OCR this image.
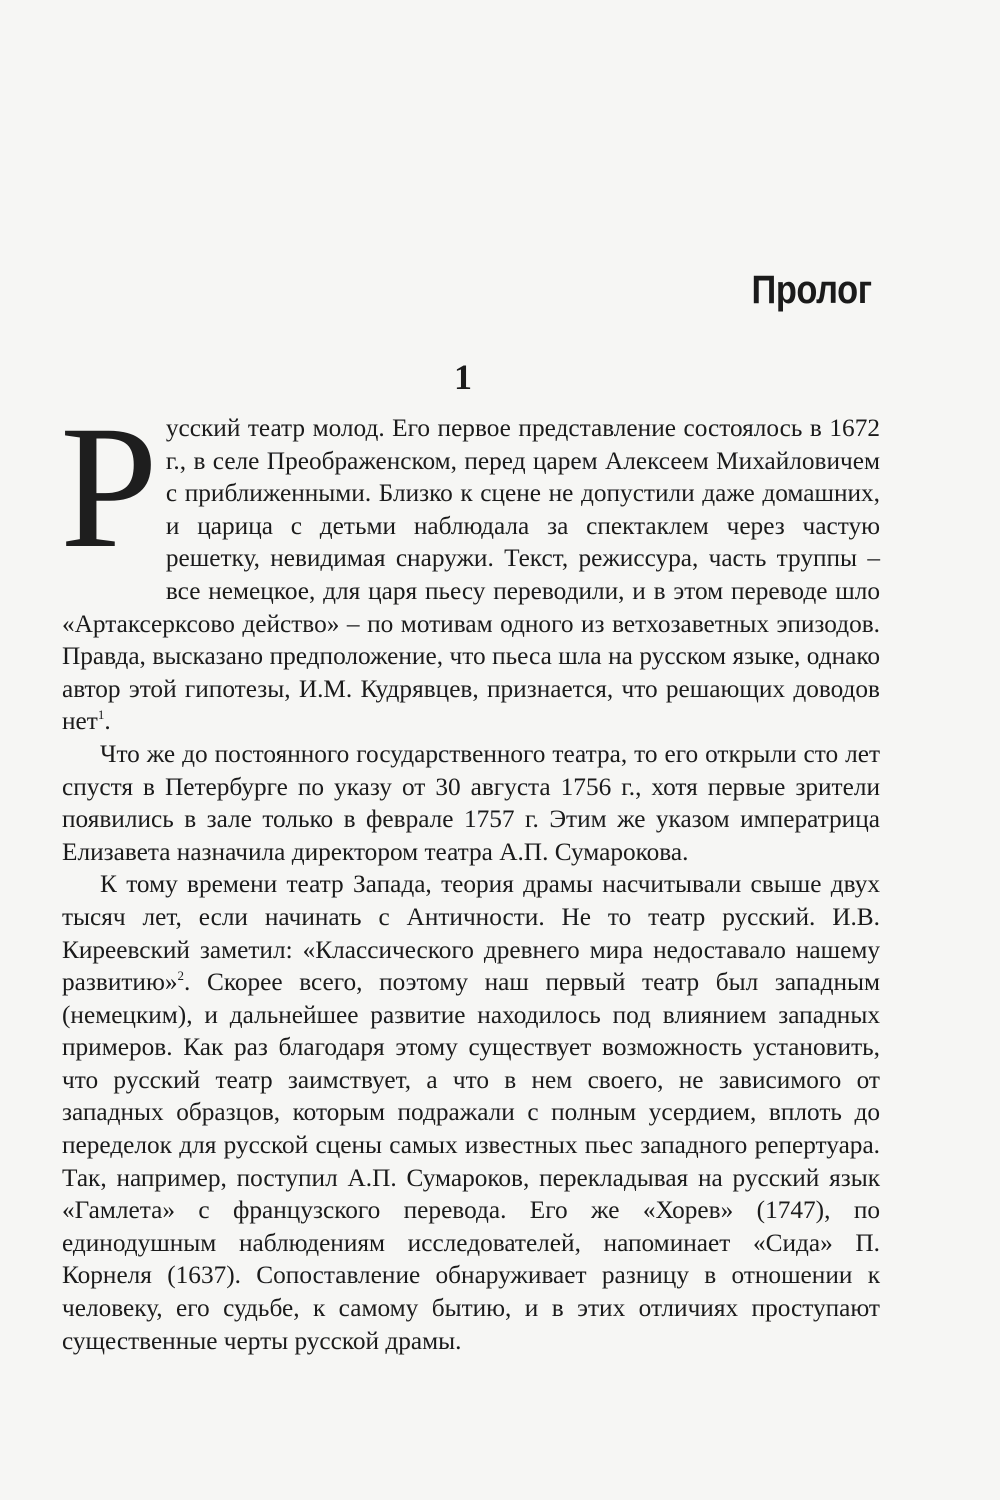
Пролог
1

Русский театр молод. Его первое представление состоялось в 1672 г., в селе Преображенском, перед царем Алексеем Михайловичем с приближенными. Близко к сцене не допустили даже домашних, и царица с детьми наблюдала за спектаклем через частую решетку, невидимая снаружи. Текст, режиссура, часть труппы – все немецкое, для царя пьесу переводили, и в этом переводе шло «Артаксерксово действо» – по мотивам одного из ветхозаветных эпизодов. Правда, высказано предположение, что пьеса шла на русском языке, однако автор этой гипотезы, И.М. Кудрявцев, признается, что решающих доводов нет$^1$.

Что же до постоянного государственного театра, то его открыли сто лет спустя в Петербурге по указу от 30 августа 1756 г., хотя первые зрители появились в зале только в феврале 1757 г. Этим же указом императрица Елизавета назначила директором театра А.П. Сумарокова.

К тому времени театр Запада, теория драмы насчитывали свыше двух тысяч лет, если начинать с Античности. Не то театр русский. И.В. Киреевский заметил: «Классического древнего мира недоставало нашему развитию»$^2$. Скорее всего, поэтому наш первый театр был западным (немецким), и дальнейшее развитие находилось под влиянием западных примеров. Как раз благодаря этому существует возможность установить, что русский театр заимствует, а что в нем своего, не зависимого от западных образцов, которым подражали с полным усердием, вплоть до переделок для русской сцены самых известных пьес западного репертуара. Так, например, поступил А.П. Сумароков, перекладывая на русский язык «Гамлета» с французского перевода. Его же «Хорев» (1747), по единодушным наблюдениям исследователей, напоминает «Сида» П. Корнеля (1637). Сопоставление обнаруживает разницу в отношении к человеку, его судьбе, к самому бытию, и в этих отличиях проступают существенные черты русской драмы.
